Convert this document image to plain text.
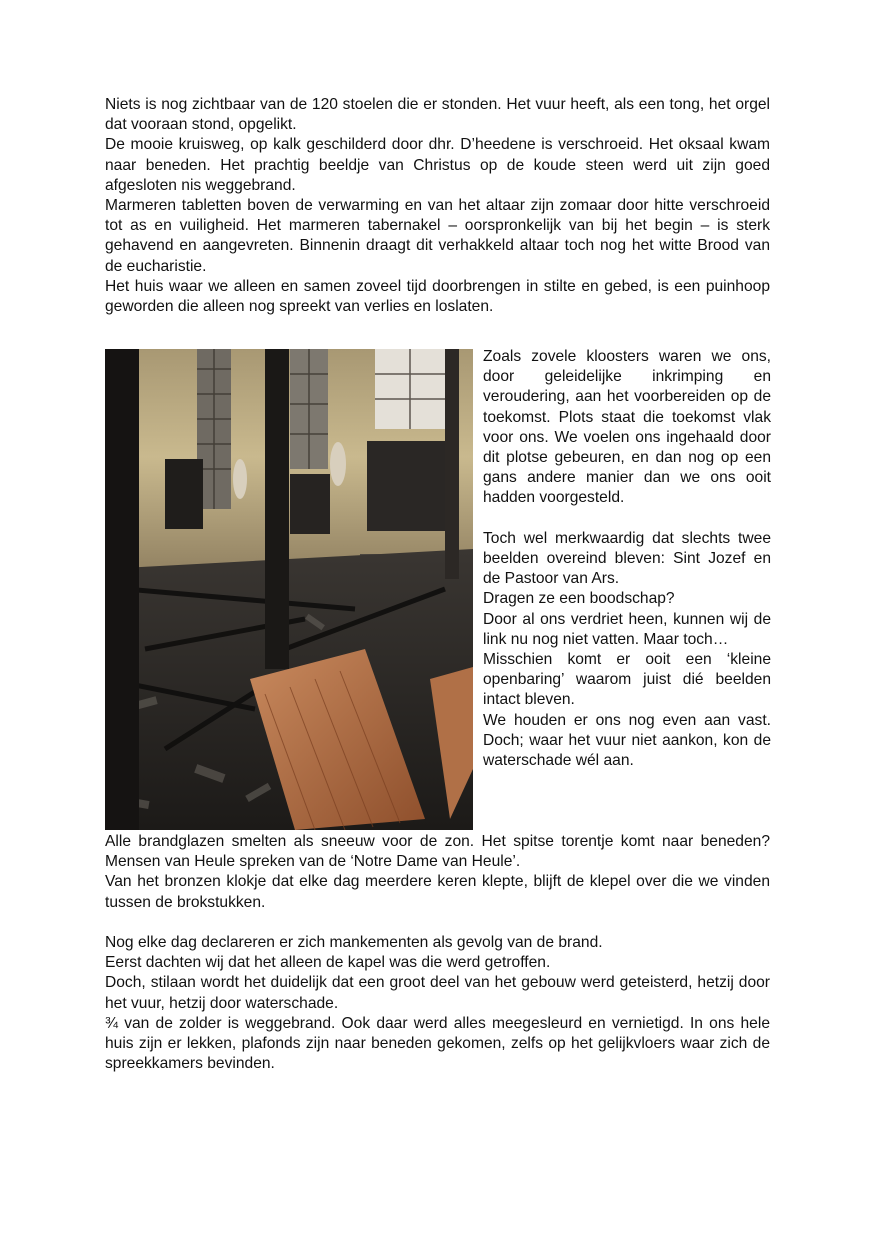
Niets is nog zichtbaar van de 120 stoelen die er stonden. Het vuur heeft, als een tong, het orgel dat vooraan stond, opgelikt.

De mooie kruisweg, op kalk geschilderd door dhr. D’heedene is verschroeid. Het oksaal kwam naar beneden. Het prachtig beeldje van Christus op de koude steen werd uit zijn goed afgesloten nis weggebrand.

Marmeren tabletten boven de verwarming en van het altaar zijn zomaar door hitte verschroeid tot as en vuiligheid. Het marmeren tabernakel – oorspronkelijk van bij het begin – is sterk gehavend en aangevreten. Binnenin draagt dit verhakkeld altaar toch nog het witte Brood van de eucharistie.

Het huis waar we alleen en samen zoveel tijd doorbrengen in stilte en gebed, is een puinhoop geworden die alleen nog spreekt van verlies en loslaten.

Zoals zovele kloosters waren we ons, door geleidelijke inkrimping en veroudering, aan het voorbereiden op de toekomst. Plots staat die toekomst vlak voor ons. We voelen ons ingehaald door dit plotse gebeuren, en dan nog op een gans andere manier dan we ons ooit hadden voorgesteld.

Toch wel merkwaardig dat slechts twee beelden overeind bleven: Sint Jozef en de Pastoor van Ars.

Dragen ze een boodschap?

Door al ons verdriet heen, kunnen wij de link nu nog niet vatten. Maar toch…

Misschien komt er ooit een ‘kleine openbaring’ waarom juist dié beelden intact bleven.

We houden er ons nog even aan vast. Doch; waar het vuur niet aankon, kon de waterschade wél aan.

Alle brandglazen smelten als sneeuw voor de zon. Het spitse torentje komt naar beneden? Mensen van Heule spreken van de ‘Notre Dame van Heule’.

Van het bronzen klokje dat elke dag meerdere keren klepte, blijft de klepel over die we vinden tussen de brokstukken.

Nog elke dag declareren er zich mankementen als gevolg van de brand.

Eerst dachten wij dat het alleen de kapel was die werd getroffen.

Doch, stilaan wordt het duidelijk dat een groot deel van het gebouw werd geteisterd, hetzij door het vuur, hetzij door waterschade.

¾ van de zolder is weggebrand. Ook daar werd alles meegesleurd en vernietigd. In ons hele huis zijn er lekken, plafonds zijn naar beneden gekomen, zelfs op het gelijkvloers waar zich de spreekkamers bevinden.
